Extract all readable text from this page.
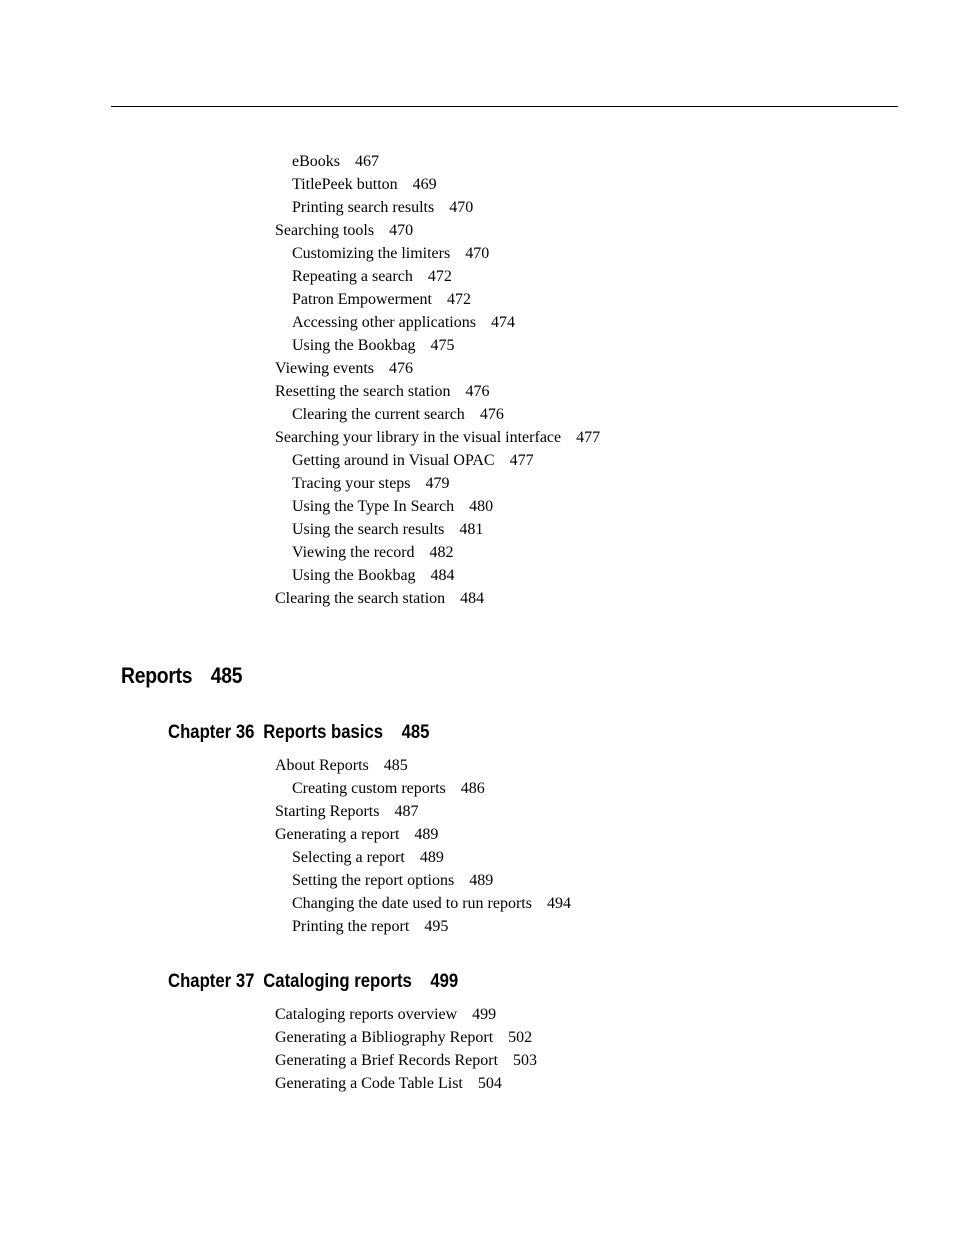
eBooks 467
TitlePeek button 469
Printing search results 470
Searching tools 470
Customizing the limiters 470
Repeating a search 472
Patron Empowerment 472
Accessing other applications 474
Using the Bookbag 475
Viewing events 476
Resetting the search station 476
Clearing the current search 476
Searching your library in the visual interface 477
Getting around in Visual OPAC 477
Tracing your steps 479
Using the Type In Search 480
Using the search results 481
Viewing the record 482
Using the Bookbag 484
Clearing the search station 484
Reports 485
Chapter 36 Reports basics 485
About Reports 485
Creating custom reports 486
Starting Reports 487
Generating a report 489
Selecting a report 489
Setting the report options 489
Changing the date used to run reports 494
Printing the report 495
Chapter 37 Cataloging reports 499
Cataloging reports overview 499
Generating a Bibliography Report 502
Generating a Brief Records Report 503
Generating a Code Table List 504
